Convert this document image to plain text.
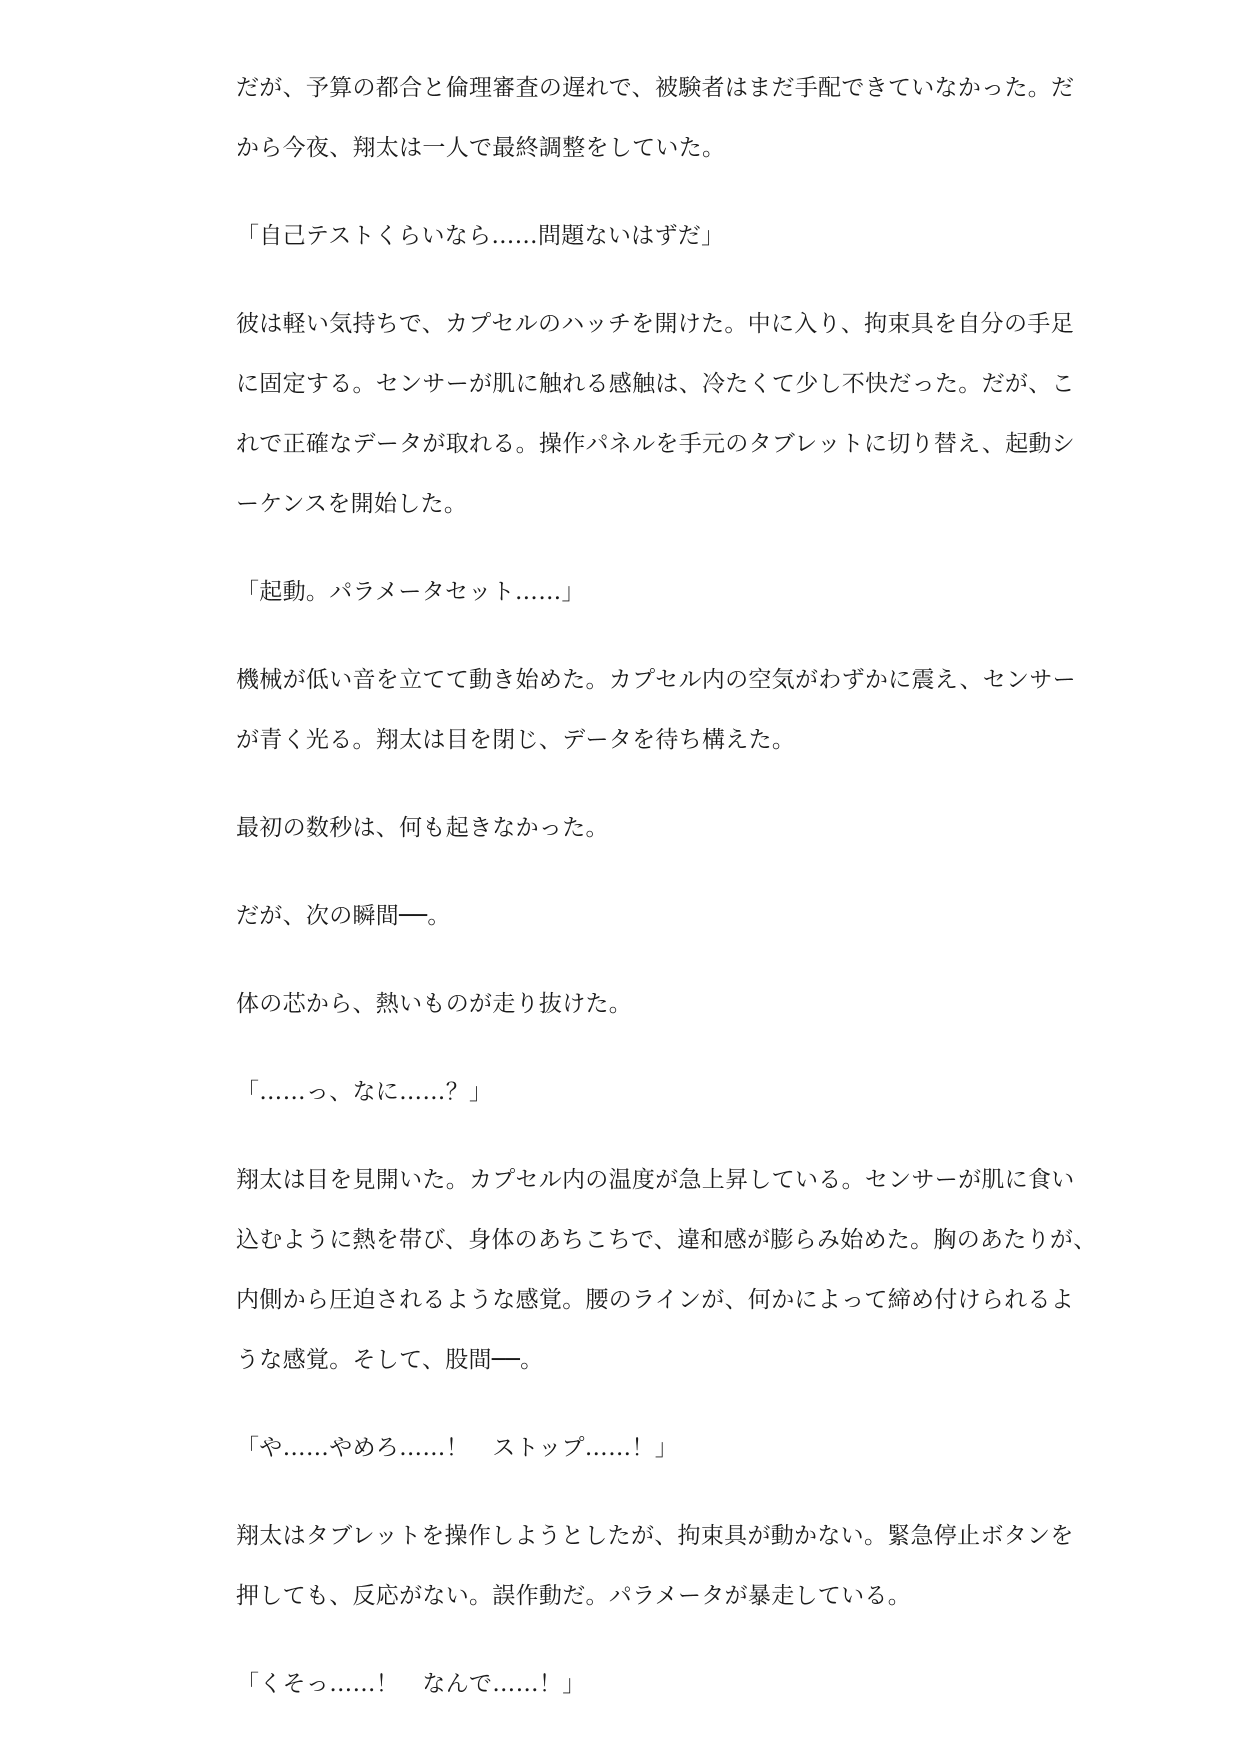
だが、予算の都合と倫理審査の遅れで、被験者はまだ手配できていなかった。だ
から今夜、翔太は一人で最終調整をしていた。

「自己テストくらいなら……問題ないはずだ」

彼は軽い気持ちで、カプセルのハッチを開けた。中に入り、拘束具を自分の手足
に固定する。センサーが肌に触れる感触は、冷たくて少し不快だった。だが、こ
れで正確なデータが取れる。操作パネルを手元のタブレットに切り替え、起動シ
ーケンスを開始した。

「起動。パラメータセット……」

機械が低い音を立てて動き始めた。カプセル内の空気がわずかに震え、センサー
が青く光る。翔太は目を閉じ、データを待ち構えた。

最初の数秒は、何も起きなかった。

だが、次の瞬間──。

体の芯から、熱いものが走り抜けた。

「……っ、なに……？」

翔太は目を見開いた。カプセル内の温度が急上昇している。センサーが肌に食い
込むように熱を帯び、身体のあちこちで、違和感が膨らみ始めた。胸のあたりが、
内側から圧迫されるような感覚。腰のラインが、何かによって締め付けられるよ
うな感覚。そして、股間──。

「や……やめろ……！　ストップ……！」

翔太はタブレットを操作しようとしたが、拘束具が動かない。緊急停止ボタンを
押しても、反応がない。誤作動だ。パラメータが暴走している。

「くそっ……！　なんで……！」
